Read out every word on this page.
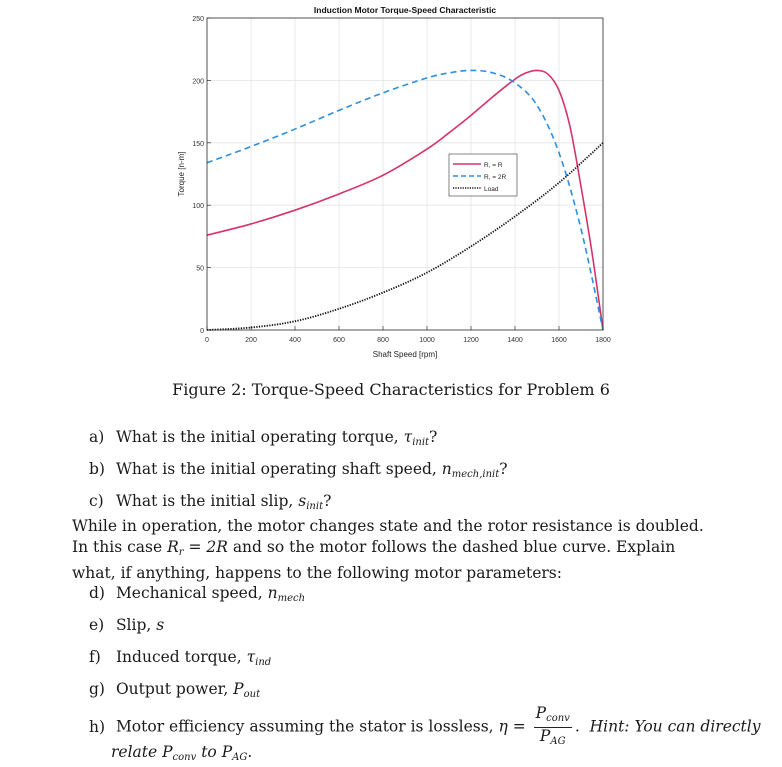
0	200	400	600	800	1000	1200	1400	1600	1800
0
50
100
150
200
250
Induction Motor Torque-Speed Characteristic
Shaft Speed [rpm]
Torque [n-m]	R, = R
R, = 2R
Load
Figure 2: Torque-Speed Characteristics for Problem 6
a) What is the initial operating torque, $\tau_{init}$?
b) What is the initial operating shaft speed, $n_{mech,init}$?
c) What is the initial slip, $s_{init}$?
While in operation, the motor changes state and the rotor resistance is doubled. In this case $R_r = 2R$ and so the motor follows the dashed blue curve. Explain what, if anything, happens to the following motor parameters:
d) Mechanical speed, $n_{mech}$
e) Slip, s
f) Induced torque, $\tau_{ind}$
g) Output power, $P_{out}$
h) Motor efficiency assuming the stator is lossless, $\eta = \frac{P_{conv}}{P_{AG}}$ .  Hint: You can directly
relate $P_{conv}$ to $P_{AG}$.
